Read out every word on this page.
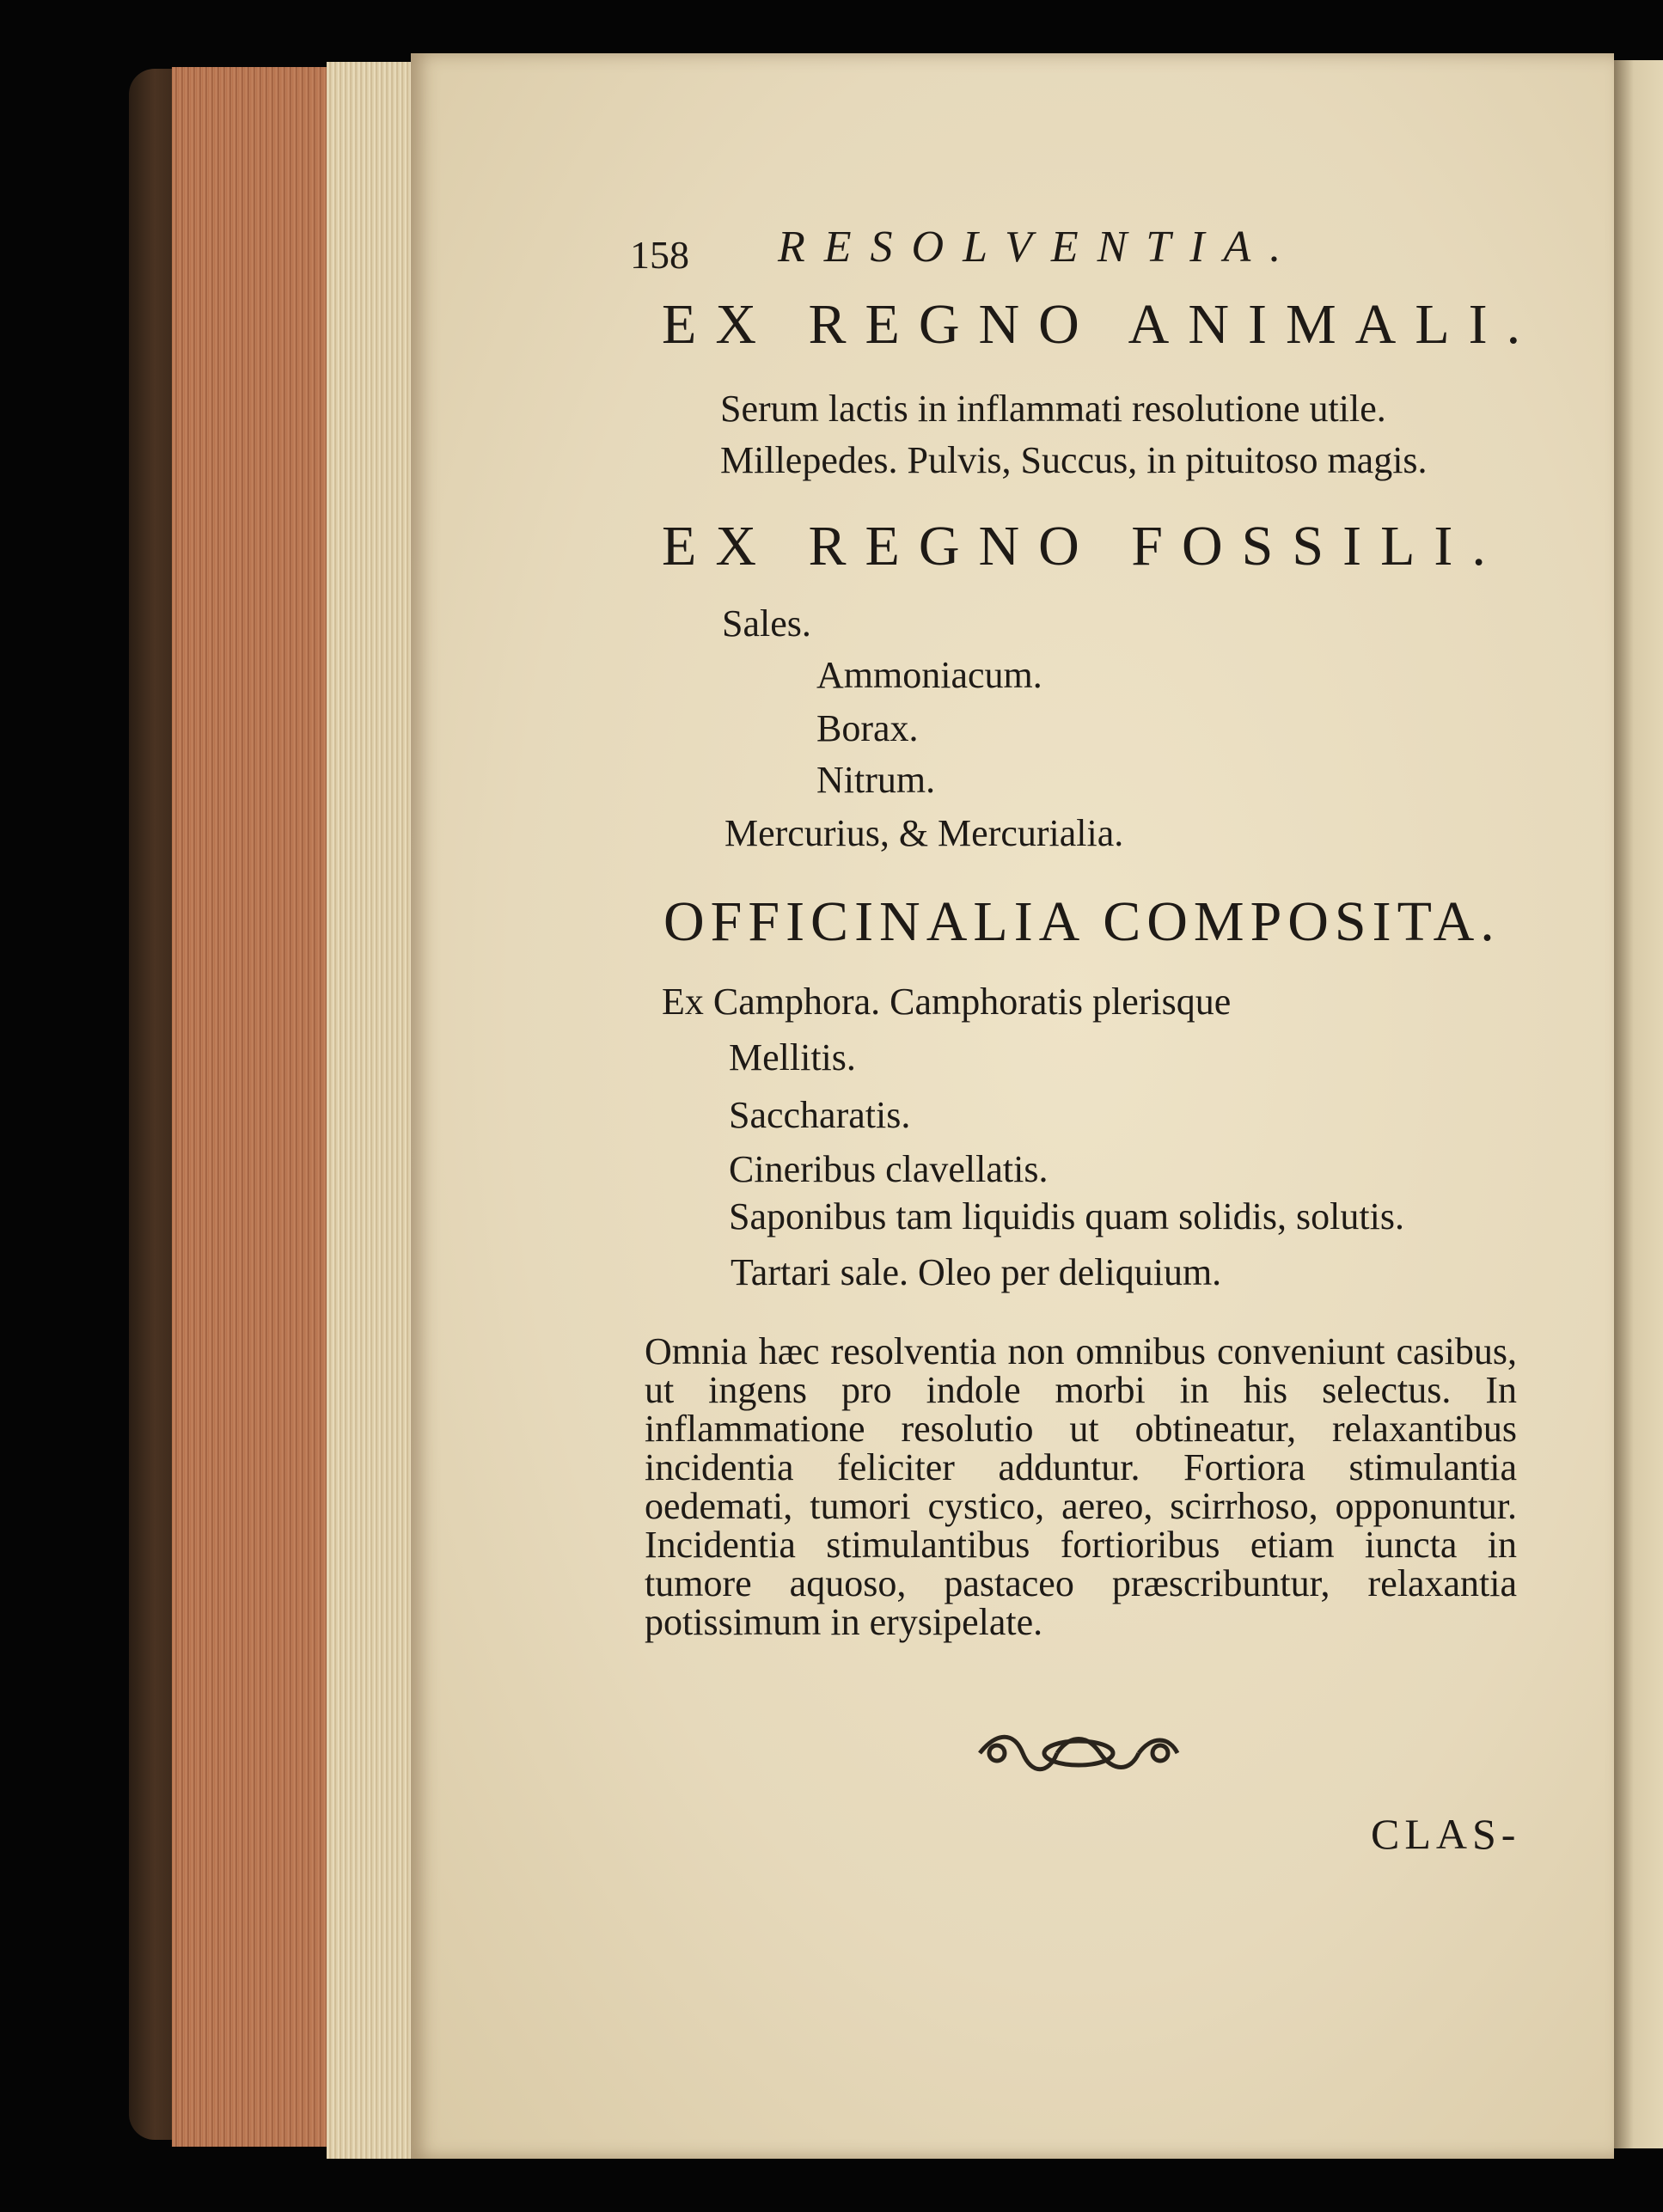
158 RESOLVENTIA.
EX REGNO ANIMALI.
Serum lactis in inflammati resolutione utile.
Millepedes. Pulvis, Succus, in pituitoso magis.
EX REGNO FOSSILI.
Sales.
Ammoniacum.
Borax.
Nitrum.
Mercurius, & Mercurialia.
OFFICINALIA COMPOSITA.
Ex Camphora. Camphoratis plerisque
Mellitis.
Saccharatis.
Cineribus clavellatis.
Saponibus tam liquidis quam solidis, solutis.
Tartari sale. Oleo per deliquium.
Omnia hæc resolventia non omnibus conveniunt casibus, ut ingens pro indole morbi in his selectus. In inflammatione resolutio ut obtineatur, relaxantibus incidentia feliciter adduntur. Fortiora stimulantia oedemati, tumori cystico, aereo, scirrhoso, opponuntur. Incidentia stimulantibus fortioribus etiam iuncta in tumore aquoso, pastaceo præscribuntur, relaxantia potissimum in erysipelate.
CLAS-
